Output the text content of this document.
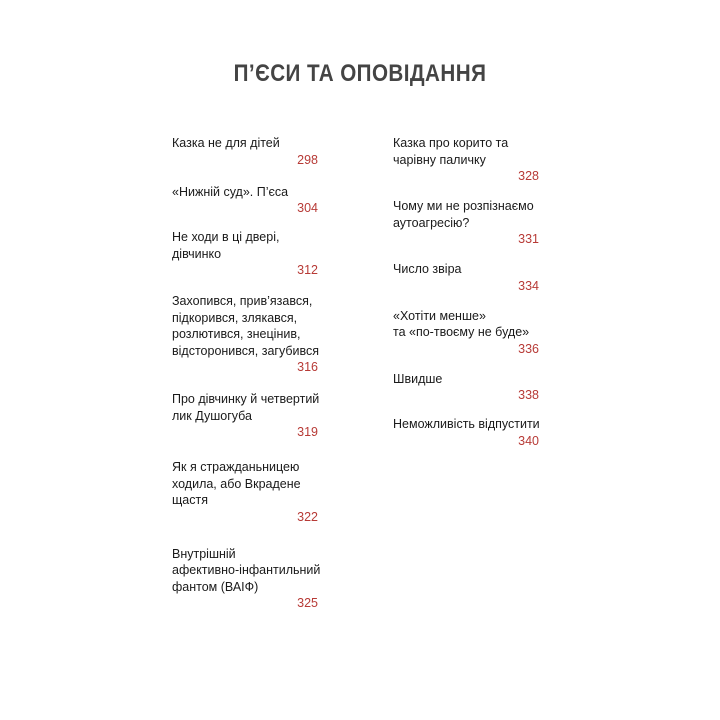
П’ЄСИ ТА ОПОВІДАННЯ
Казка не для дітей
298
«Нижній суд». П’єса
304
Не ходи в ці двері,
дівчинко
312
Захопився, прив’язався,
підкорився, злякався,
розлютився, знецінив,
відсторонився, загубився
316
Про дівчинку й четвертий
лик Душогуба
319
Як я стражданьницею
ходила, або Вкрадене
щастя
322
Внутрішній
афективно-інфантильний
фантом (ВАІФ)
325
Казка про корито та
чарівну паличку
328
Чому ми не розпізнаємо
аутоагресію?
331
Число звіра
334
«Хотіти менше»
та «по-твоєму не буде»
336
Швидше
338
Неможливість відпустити
340
